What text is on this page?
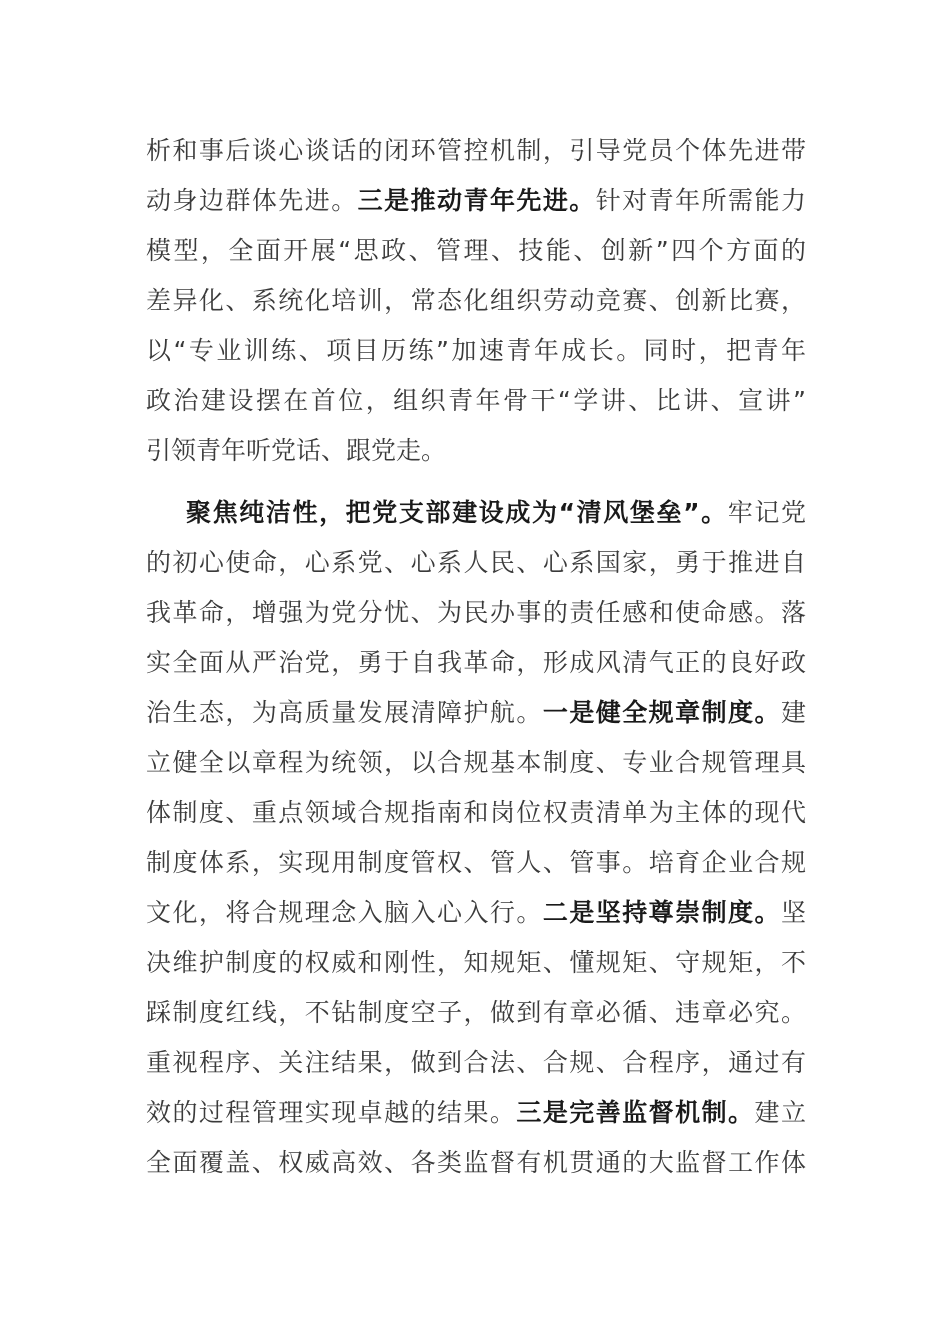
析和事后谈心谈话的闭环管控机制，引导党员个体先进带
动身边群体先进。三是推动青年先进。针对青年所需能力
模型，全面开展“思政、管理、技能、创新”四个方面的
差异化、系统化培训，常态化组织劳动竞赛、创新比赛，
以“专业训练、项目历练”加速青年成长。同时，把青年
政治建设摆在首位，组织青年骨干“学讲、比讲、宣讲”
引领青年听党话、跟党走。
聚焦纯洁性，把党支部建设成为“清风堡垒”。牢记党
的初心使命，心系党、心系人民、心系国家，勇于推进自
我革命，增强为党分忧、为民办事的责任感和使命感。落
实全面从严治党，勇于自我革命，形成风清气正的良好政
治生态，为高质量发展清障护航。一是健全规章制度。建
立健全以章程为统领，以合规基本制度、专业合规管理具
体制度、重点领域合规指南和岗位权责清单为主体的现代
制度体系，实现用制度管权、管人、管事。培育企业合规
文化，将合规理念入脑入心入行。二是坚持尊崇制度。坚
决维护制度的权威和刚性，知规矩、懂规矩、守规矩，不
踩制度红线，不钻制度空子，做到有章必循、违章必究。
重视程序、关注结果，做到合法、合规、合程序，通过有
效的过程管理实现卓越的结果。三是完善监督机制。建立
全面覆盖、权威高效、各类监督有机贯通的大监督工作体
